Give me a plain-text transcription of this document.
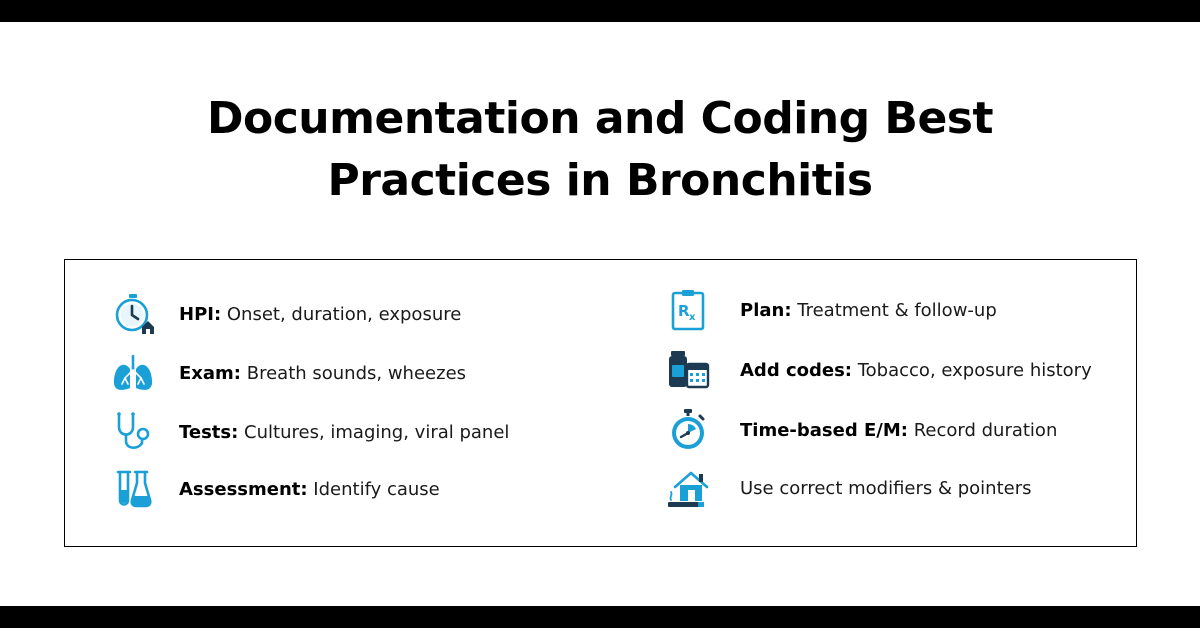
Documentation and Coding Best
Practices in Bronchitis
HPI: Onset, duration, exposure
Exam: Breath sounds, wheezes
Tests: Cultures, imaging, viral panel
Assessment: Identify cause
R x Plan: Treatment & follow-up
Add codes: Tobacco, exposure history
Time-based E/M: Record duration
Use correct modifiers & pointers
